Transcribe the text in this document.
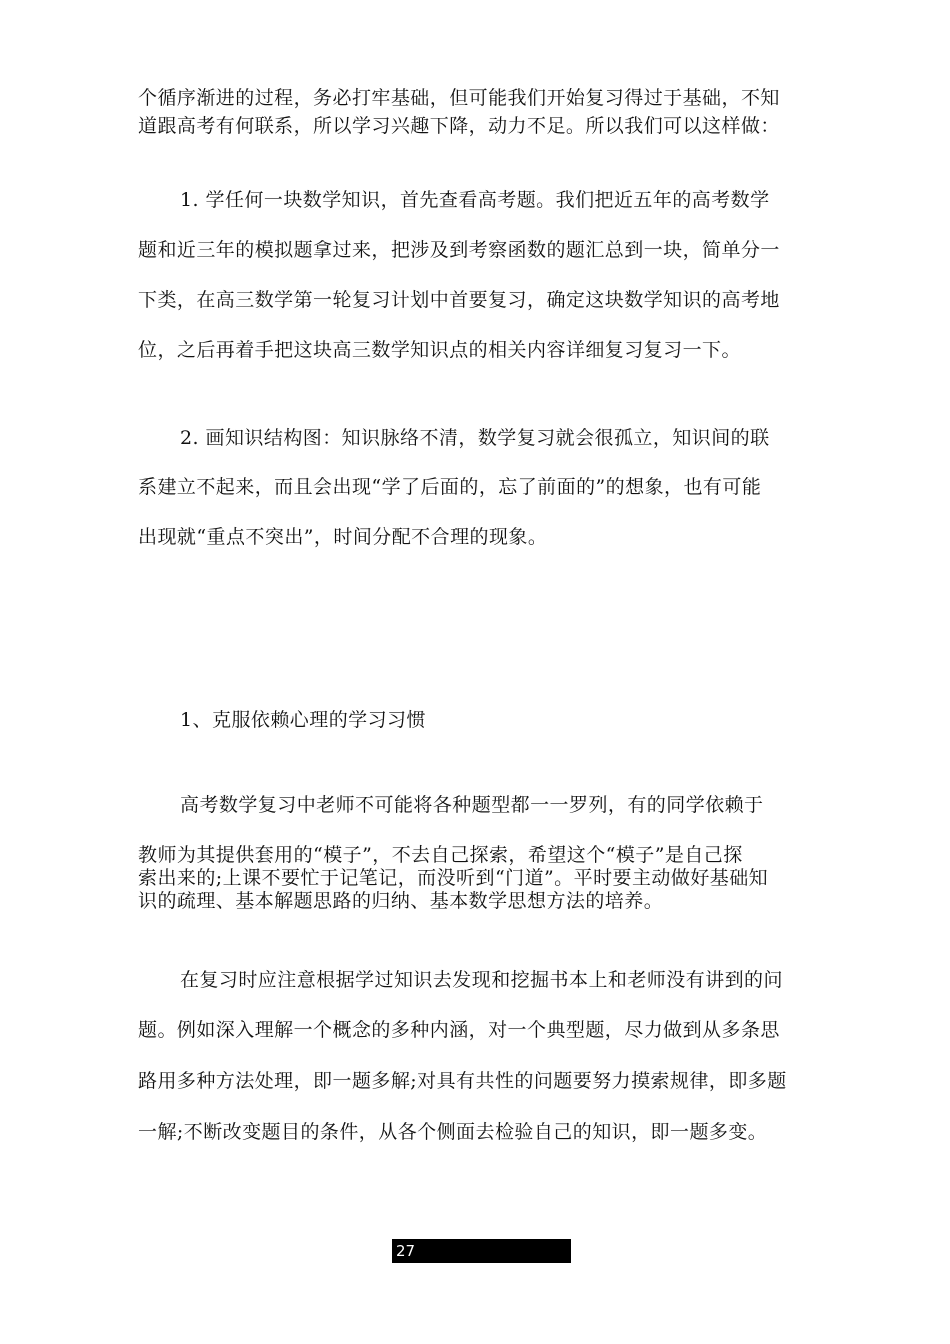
个循序渐进的过程，务必打牢基础，但可能我们开始复习得过于基础，不知
道跟高考有何联系，所以学习兴趣下降，动力不足。所以我们可以这样做：
1. 学任何一块数学知识，首先查看高考题。我们把近五年的高考数学
题和近三年的模拟题拿过来，把涉及到考察函数的题汇总到一块，简单分一
下类，在高三数学第一轮复习计划中首要复习，确定这块数学知识的高考地
位，之后再着手把这块高三数学知识点的相关内容详细复习复习一下。
2. 画知识结构图：知识脉络不清，数学复习就会很孤立，知识间的联
系建立不起来，而且会出现“学了后面的，忘了前面的”的想象，也有可能
出现就“重点不突出”，时间分配不合理的现象。
1、克服依赖心理的学习习惯
高考数学复习中老师不可能将各种题型都一一罗列，有的同学依赖于
教师为其提供套用的“模子”，不去自己探索，希望这个“模子”是自己探
索出来的;上课不要忙于记笔记，而没听到“门道”。平时要主动做好基础知
识的疏理、基本解题思路的归纳、基本数学思想方法的培养。
在复习时应注意根据学过知识去发现和挖掘书本上和老师没有讲到的问
题。例如深入理解一个概念的多种内涵，对一个典型题，尽力做到从多条思
路用多种方法处理，即一题多解;对具有共性的问题要努力摸索规律，即多题
一解;不断改变题目的条件，从各个侧面去检验自己的知识，即一题多变。
27
